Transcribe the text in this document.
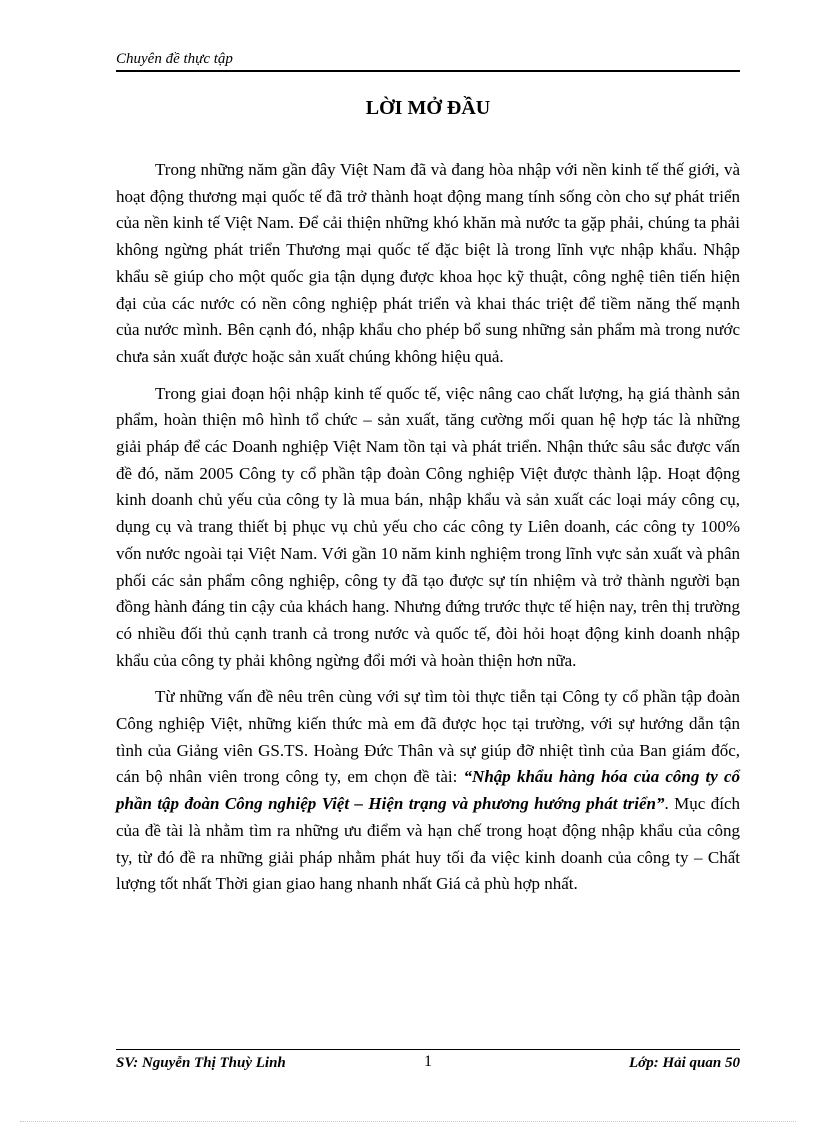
Chuyên đề thực tập
LỜI MỞ ĐẦU

Trong những năm gần đây Việt Nam đã và đang hòa nhập với nền kinh tế thế giới, và hoạt động thương mại quốc tế đã trở thành hoạt động mang tính sống còn cho sự phát triển của nền kinh tế Việt Nam. Để cải thiện những khó khăn mà nước ta gặp phải, chúng ta phải không ngừng phát triển Thương mại quốc tế đặc biệt là trong lĩnh vực nhập khẩu. Nhập khẩu sẽ giúp cho một quốc gia tận dụng được khoa học kỹ thuật, công nghệ tiên tiến hiện đại của các nước có nền công nghiệp phát triển và khai thác triệt để tiềm năng thế mạnh của nước mình. Bên cạnh đó, nhập khẩu cho phép bổ sung những sản phẩm mà trong nước chưa sản xuất được hoặc sản xuất chúng không hiệu quả.

Trong giai đoạn hội nhập kinh tế quốc tế, việc nâng cao chất lượng, hạ giá thành sản phẩm, hoàn thiện mô hình tổ chức – sản xuất, tăng cường mối quan hệ hợp tác là những giải pháp để các Doanh nghiệp Việt Nam tồn tại và phát triển. Nhận thức sâu sắc được vấn đề đó, năm 2005 Công ty cổ phần tập đoàn Công nghiệp Việt được thành lập. Hoạt động kinh doanh chủ yếu của công ty là mua bán, nhập khẩu và sản xuất các loại máy công cụ, dụng cụ và trang thiết bị phục vụ chủ yếu cho các công ty Liên doanh, các công ty 100% vốn nước ngoài tại Việt Nam. Với gần 10 năm kinh nghiệm trong lĩnh vực sản xuất và phân phối các sản phẩm công nghiệp, công ty đã tạo được sự tín nhiệm và trở thành người bạn đồng hành đáng tin cậy của khách hang. Nhưng đứng trước thực tế hiện nay, trên thị trường có nhiều đối thủ cạnh tranh cả trong nước và quốc tế, đòi hỏi hoạt động kinh doanh nhập khẩu của công ty phải không ngừng đổi mới và hoàn thiện hơn nữa.

Từ những vấn đề nêu trên cùng với sự tìm tòi thực tiễn tại Công ty cổ phần tập đoàn Công nghiệp Việt, những kiến thức mà em đã được học tại trường, với sự hướng dẫn tận tình của Giảng viên GS.TS. Hoàng Đức Thân và sự giúp đỡ nhiệt tình của Ban giám đốc, cán bộ nhân viên trong công ty, em chọn đề tài: “Nhập khẩu hàng hóa của công ty cổ phần tập đoàn Công nghiệp Việt – Hiện trạng và phương hướng phát triển”. Mục đích của đề tài là nhằm tìm ra những ưu điểm và hạn chế trong hoạt động nhập khẩu của công ty, từ đó đề ra những giải pháp nhằm phát huy tối đa việc kinh doanh của công ty – Chất lượng tốt nhất Thời gian giao hang nhanh nhất Giá cả phù hợp nhất.

SV: Nguyễn Thị Thuỳ Linh	1	Lớp: Hải quan 50
